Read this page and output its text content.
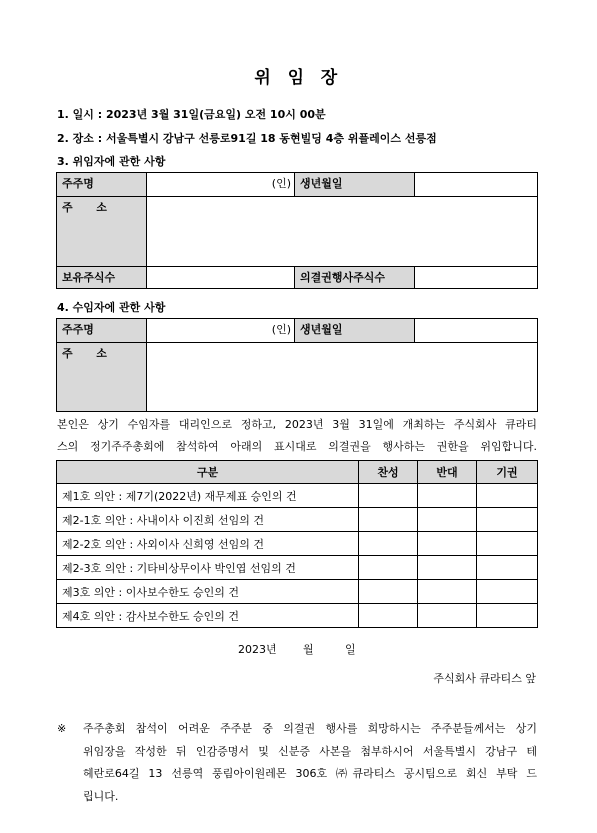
위 임 장
1. 일시 : 2023년 3월 31일(금요일) 오전 10시 00분
2. 장소 : 서울특별시 강남구 선릉로91길 18 동현빌딩 4층 위플레이스 선릉점
3. 위임자에 관한 사항
주주명	(인)	생년월일	
주 소			
보유주식수		의결권행사주식수	
4. 수임자에 관한 사항
주주명	(인)	생년월일	
주 소			
본인은 상기 수임자를 대리인으로 정하고, 2023년 3월 31일에 개최하는 주식회사 큐라티
스의 정기주주총회에 참석하여 아래의 표시대로 의결권을 행사하는 권한을 위임합니다.
구분	찬성	반대	기권
제1호 의안 : 제7기(2022년) 재무제표 승인의 건			
제2-1호 의안 : 사내이사 이진희 선임의 건			
제2-2호 의안 : 사외이사 신희영 선임의 건			
제2-3호 의안 : 기타비상무이사 박인엽 선임의 건			
제3호 의안 : 이사보수한도 승인의 건			
제4호 의안 : 감사보수한도 승인의 건			
2023년 월	일
주식회사 큐라티스 앞
※ 주주총회 참석이 어려운 주주분 중 의결권 행사를 희망하시는 주주분들께서는 상기
위임장을 작성한 뒤 인감증명서 및 신분증 사본을 첨부하시어 서울특별시 강남구 테
헤란로64길 13 선릉역 풍림아이원레몬 306호 ㈜큐라티스 공시팀으로 회신 부탁 드
립니다.
